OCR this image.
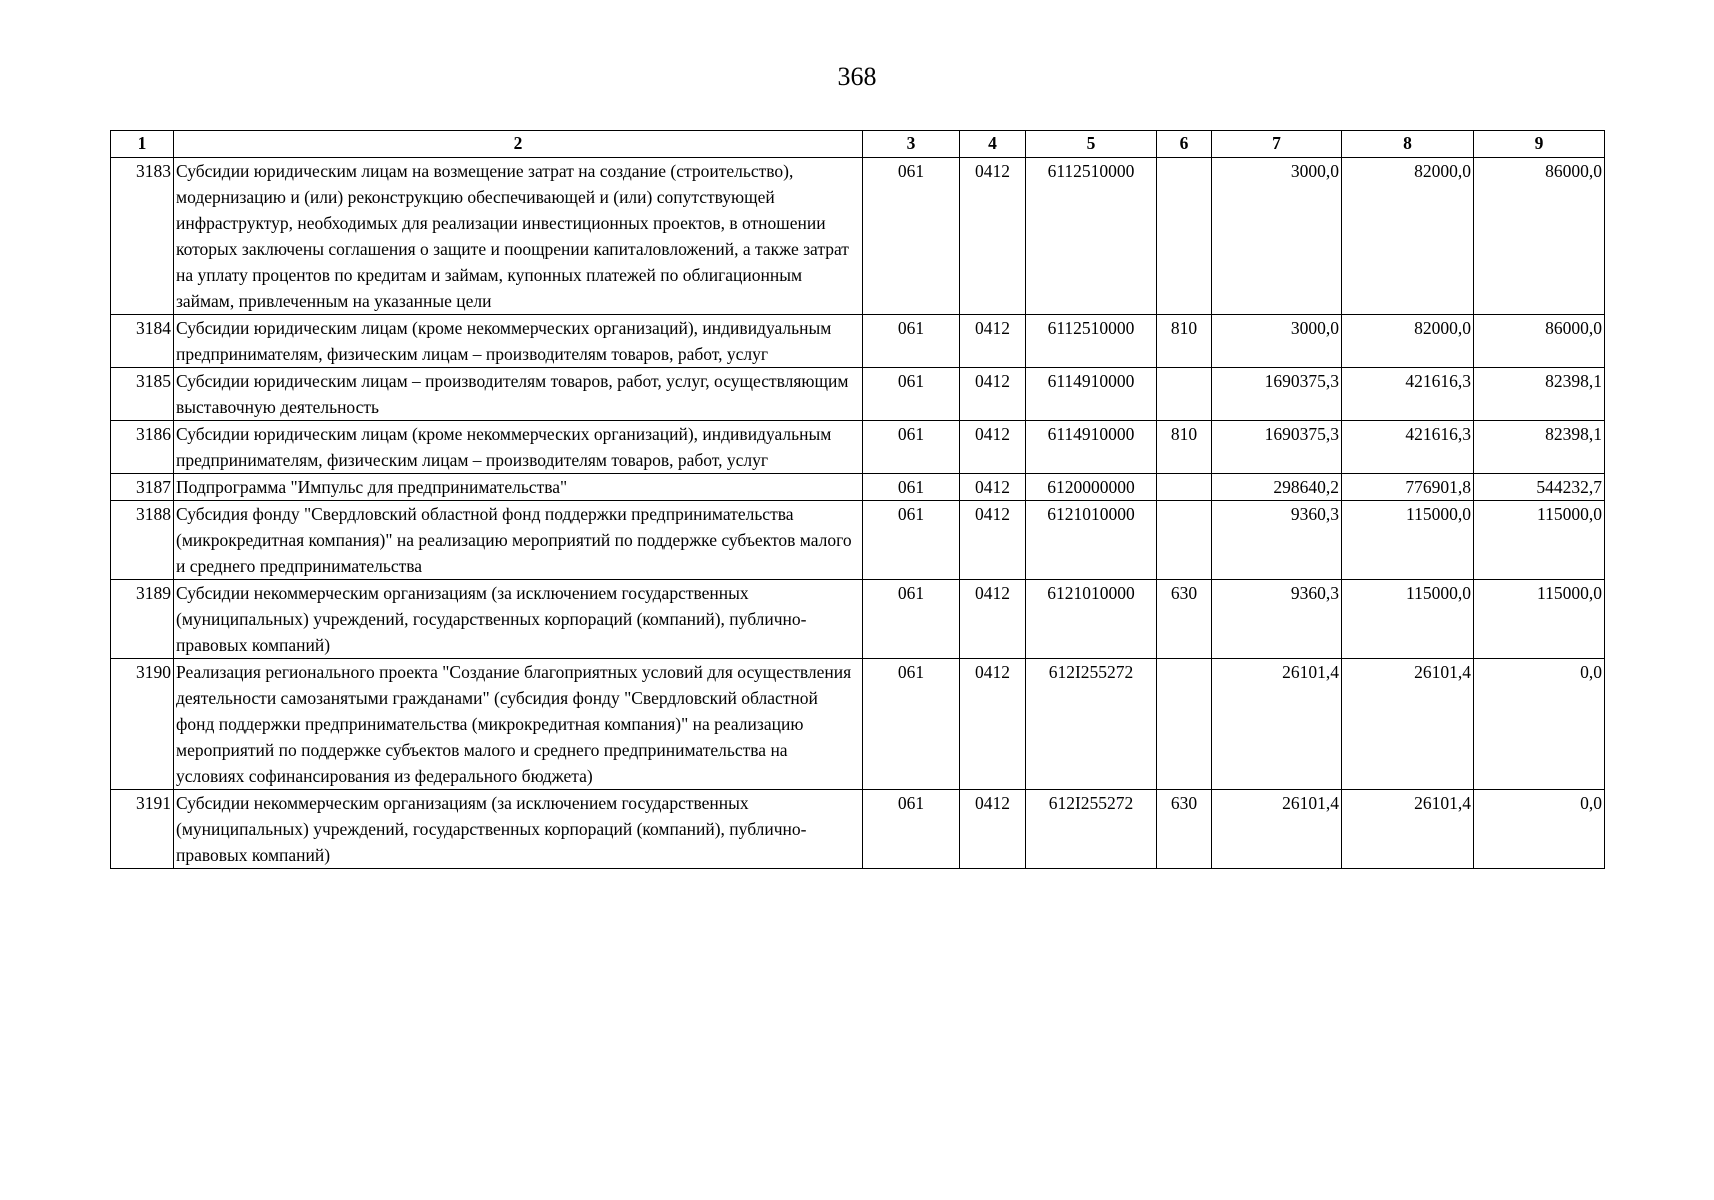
368
1	2	3	4	5	6	7	8	9
3183	Субсидии юридическим лицам на возмещение затрат на создание (строительство), модернизацию и (или) реконструкцию обеспечивающей и (или) сопутствующей инфраструктур, необходимых для реализации инвестиционных проектов, в отношении которых заключены соглашения о защите и поощрении капиталовложений, а также затрат на уплату процентов по кредитам и займам, купонных платежей по облигационным займам, привлеченным на указанные цели	061	0412	6112510000		3000,0	82000,0	86000,0
3184	Субсидии юридическим лицам (кроме некоммерческих организаций), индивидуальным предпринимателям, физическим лицам – производителям товаров, работ, услуг	061	0412	6112510000	810	3000,0	82000,0	86000,0
3185	Субсидии юридическим лицам – производителям товаров, работ, услуг, осуществляющим выставочную деятельность	061	0412	6114910000		1690375,3	421616,3	82398,1
3186	Субсидии юридическим лицам (кроме некоммерческих организаций), индивидуальным предпринимателям, физическим лицам – производителям товаров, работ, услуг	061	0412	6114910000	810	1690375,3	421616,3	82398,1
3187	Подпрограмма "Импульс для предпринимательства"	061	0412	6120000000		298640,2	776901,8	544232,7
3188	Субсидия фонду "Свердловский областной фонд поддержки предпринимательства (микрокредитная компания)" на реализацию мероприятий по поддержке субъектов малого и среднего предпринимательства	061	0412	6121010000		9360,3	115000,0	115000,0
3189	Субсидии некоммерческим организациям (за исключением государственных (муниципальных) учреждений, государственных корпораций (компаний), публично-правовых компаний)	061	0412	6121010000	630	9360,3	115000,0	115000,0
3190	Реализация регионального проекта "Создание благоприятных условий для осуществления деятельности самозанятыми гражданами" (субсидия фонду "Свердловский областной фонд поддержки предпринимательства (микрокредитная компания)" на реализацию мероприятий по поддержке субъектов малого и среднего предпринимательства на условиях софинансирования из федерального бюджета)	061	0412	612I255272		26101,4	26101,4	0,0
3191	Субсидии некоммерческим организациям (за исключением государственных (муниципальных) учреждений, государственных корпораций (компаний), публично-правовых компаний)	061	0412	612I255272	630	26101,4	26101,4	0,0
